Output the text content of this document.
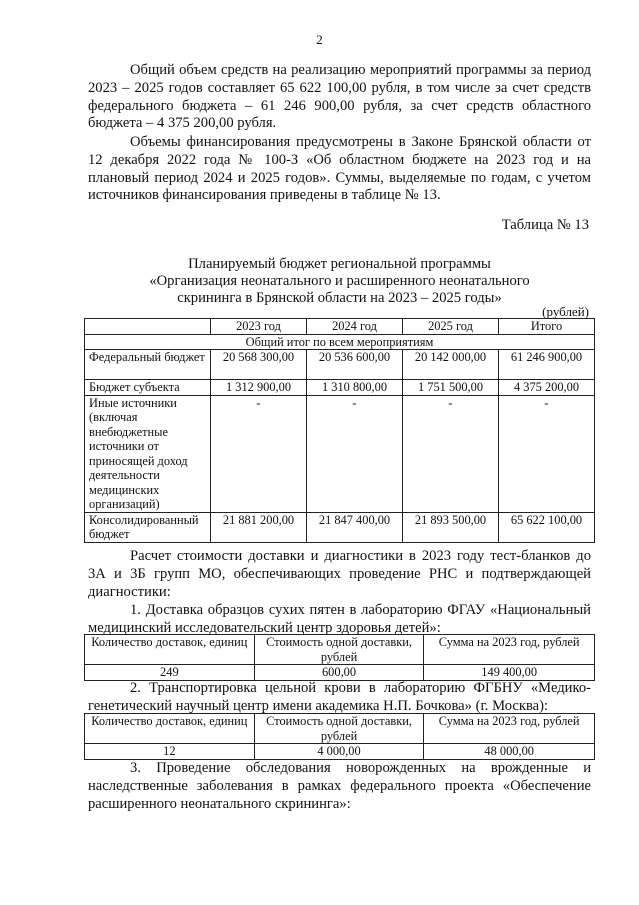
2

Общий объем средств на реализацию мероприятий программы за период 2023 – 2025 годов составляет 65 622 100,00 рубля, в том числе за счет средств федерального бюджета – 61 246 900,00 рубля, за счет средств областного бюджета – 4 375 200,00 рубля.

Объемы финансирования предусмотрены в Законе Брянской области от 12 декабря 2022 года № 100-З «Об областном бюджете на 2023 год и на плановый период 2024 и 2025 годов». Суммы, выделяемые по годам, с учетом источников финансирования приведены в таблице № 13.

Таблица № 13

Планируемый бюджет региональной программы

«Организация неонатального и расширенного неонатального

скрининга в Брянской области на 2023 – 2025 годы»

(рублей)
	2023 год	2024 год	2025 год	Итого
Общий итог по всем мероприятиям				
Федеральный бюджет	20 568 300,00	20 536 600,00	20 142 000,00	61 246 900,00
Бюджет субъекта	1 312 900,00	1 310 800,00	1 751 500,00	4 375 200,00
Иные источники (включая внебюджетные источники от приносящей доход деятельности медицинских организаций)	-	-	-	-
Консолидированный бюджет	21 881 200,00	21 847 400,00	21 893 500,00	65 622 100,00

Расчет стоимости доставки и диагностики в 2023 году тест-бланков до 3А и 3Б групп МО, обеспечивающих проведение РНС и подтверждающей диагностики:

1. Доставка образцов сухих пятен в лабораторию ФГАУ «Национальный медицинский исследовательский центр здоровья детей»:

Количество доставок, единиц	Стоимость одной доставки, рублей	Сумма на 2023 год, рублей
249	600,00	149 400,00

2. Транспортировка цельной крови в лабораторию ФГБНУ «Медико-генетический научный центр имени академика Н.П. Бочкова» (г. Москва):

Количество доставок, единиц	Стоимость одной доставки, рублей	Сумма на 2023 год, рублей
12	4 000,00	48 000,00

3. Проведение обследования новорожденных на врожденные и наследственные заболевания в рамках федерального проекта «Обеспечение расширенного неонатального скрининга»:
